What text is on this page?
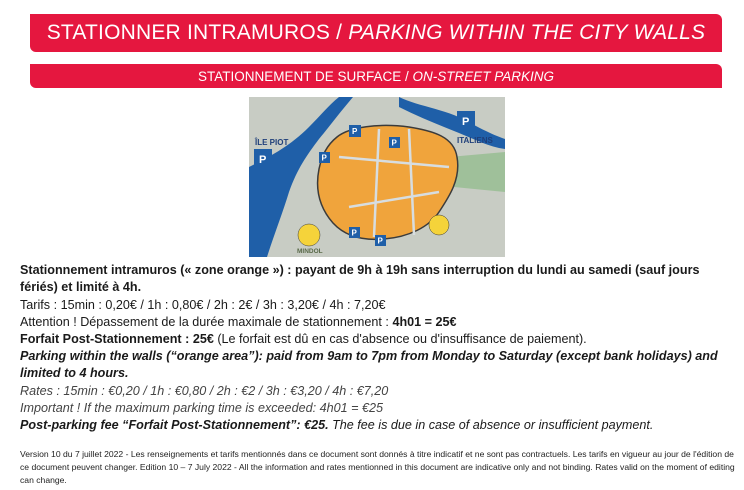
STATIONNER INTRAMUROS /
PARKING WITHIN THE CITY WALLS
STATIONNEMENT DE SURFACE /
ON-STREET PARKING
P
P
P
P
P
P
P
ÎLE PIOT	ITALIENS
MINDOL
Stationnement intramuros (« zone orange ») : payant de 9h à 19h sans interruption du lundi au samedi (sauf jours fériés) et limité à 4h.
Tarifs : 15min : 0,20€ / 1h : 0,80€ / 2h : 2€ / 3h : 3,20€ / 4h : 7,20€
Attention ! Dépassement de la durée maximale de stationnement : 4h01 = 25€
Forfait Post-Stationnement : 25€ (Le forfait est dû en cas d'absence ou d'insuffisance de paiement).
Parking within the walls (“orange area”): paid from 9am to 7pm from Monday to Saturday (except bank holidays) and limited to 4 hours.
Rates : 15min : €0,20 / 1h : €0,80 / 2h : €2 / 3h : €3,20 / 4h : €7,20
Important ! If the maximum parking time is exceeded: 4h01 = €25
Post-parking fee “Forfait Post-Stationnement”: €25. The fee is due in case of absence or insufficient payment.
Version 10 du 7 juillet 2022 - Les renseignements et tarifs mentionnés dans ce document sont donnés à titre indicatif et ne sont pas contractuels. Les tarifs en vigueur au jour de l'édition de ce document peuvent changer. Edition 10 – 7 July 2022 - All the information and rates mentionned in this document are indicative only and not binding. Rates valid on the moment of editing can change.
